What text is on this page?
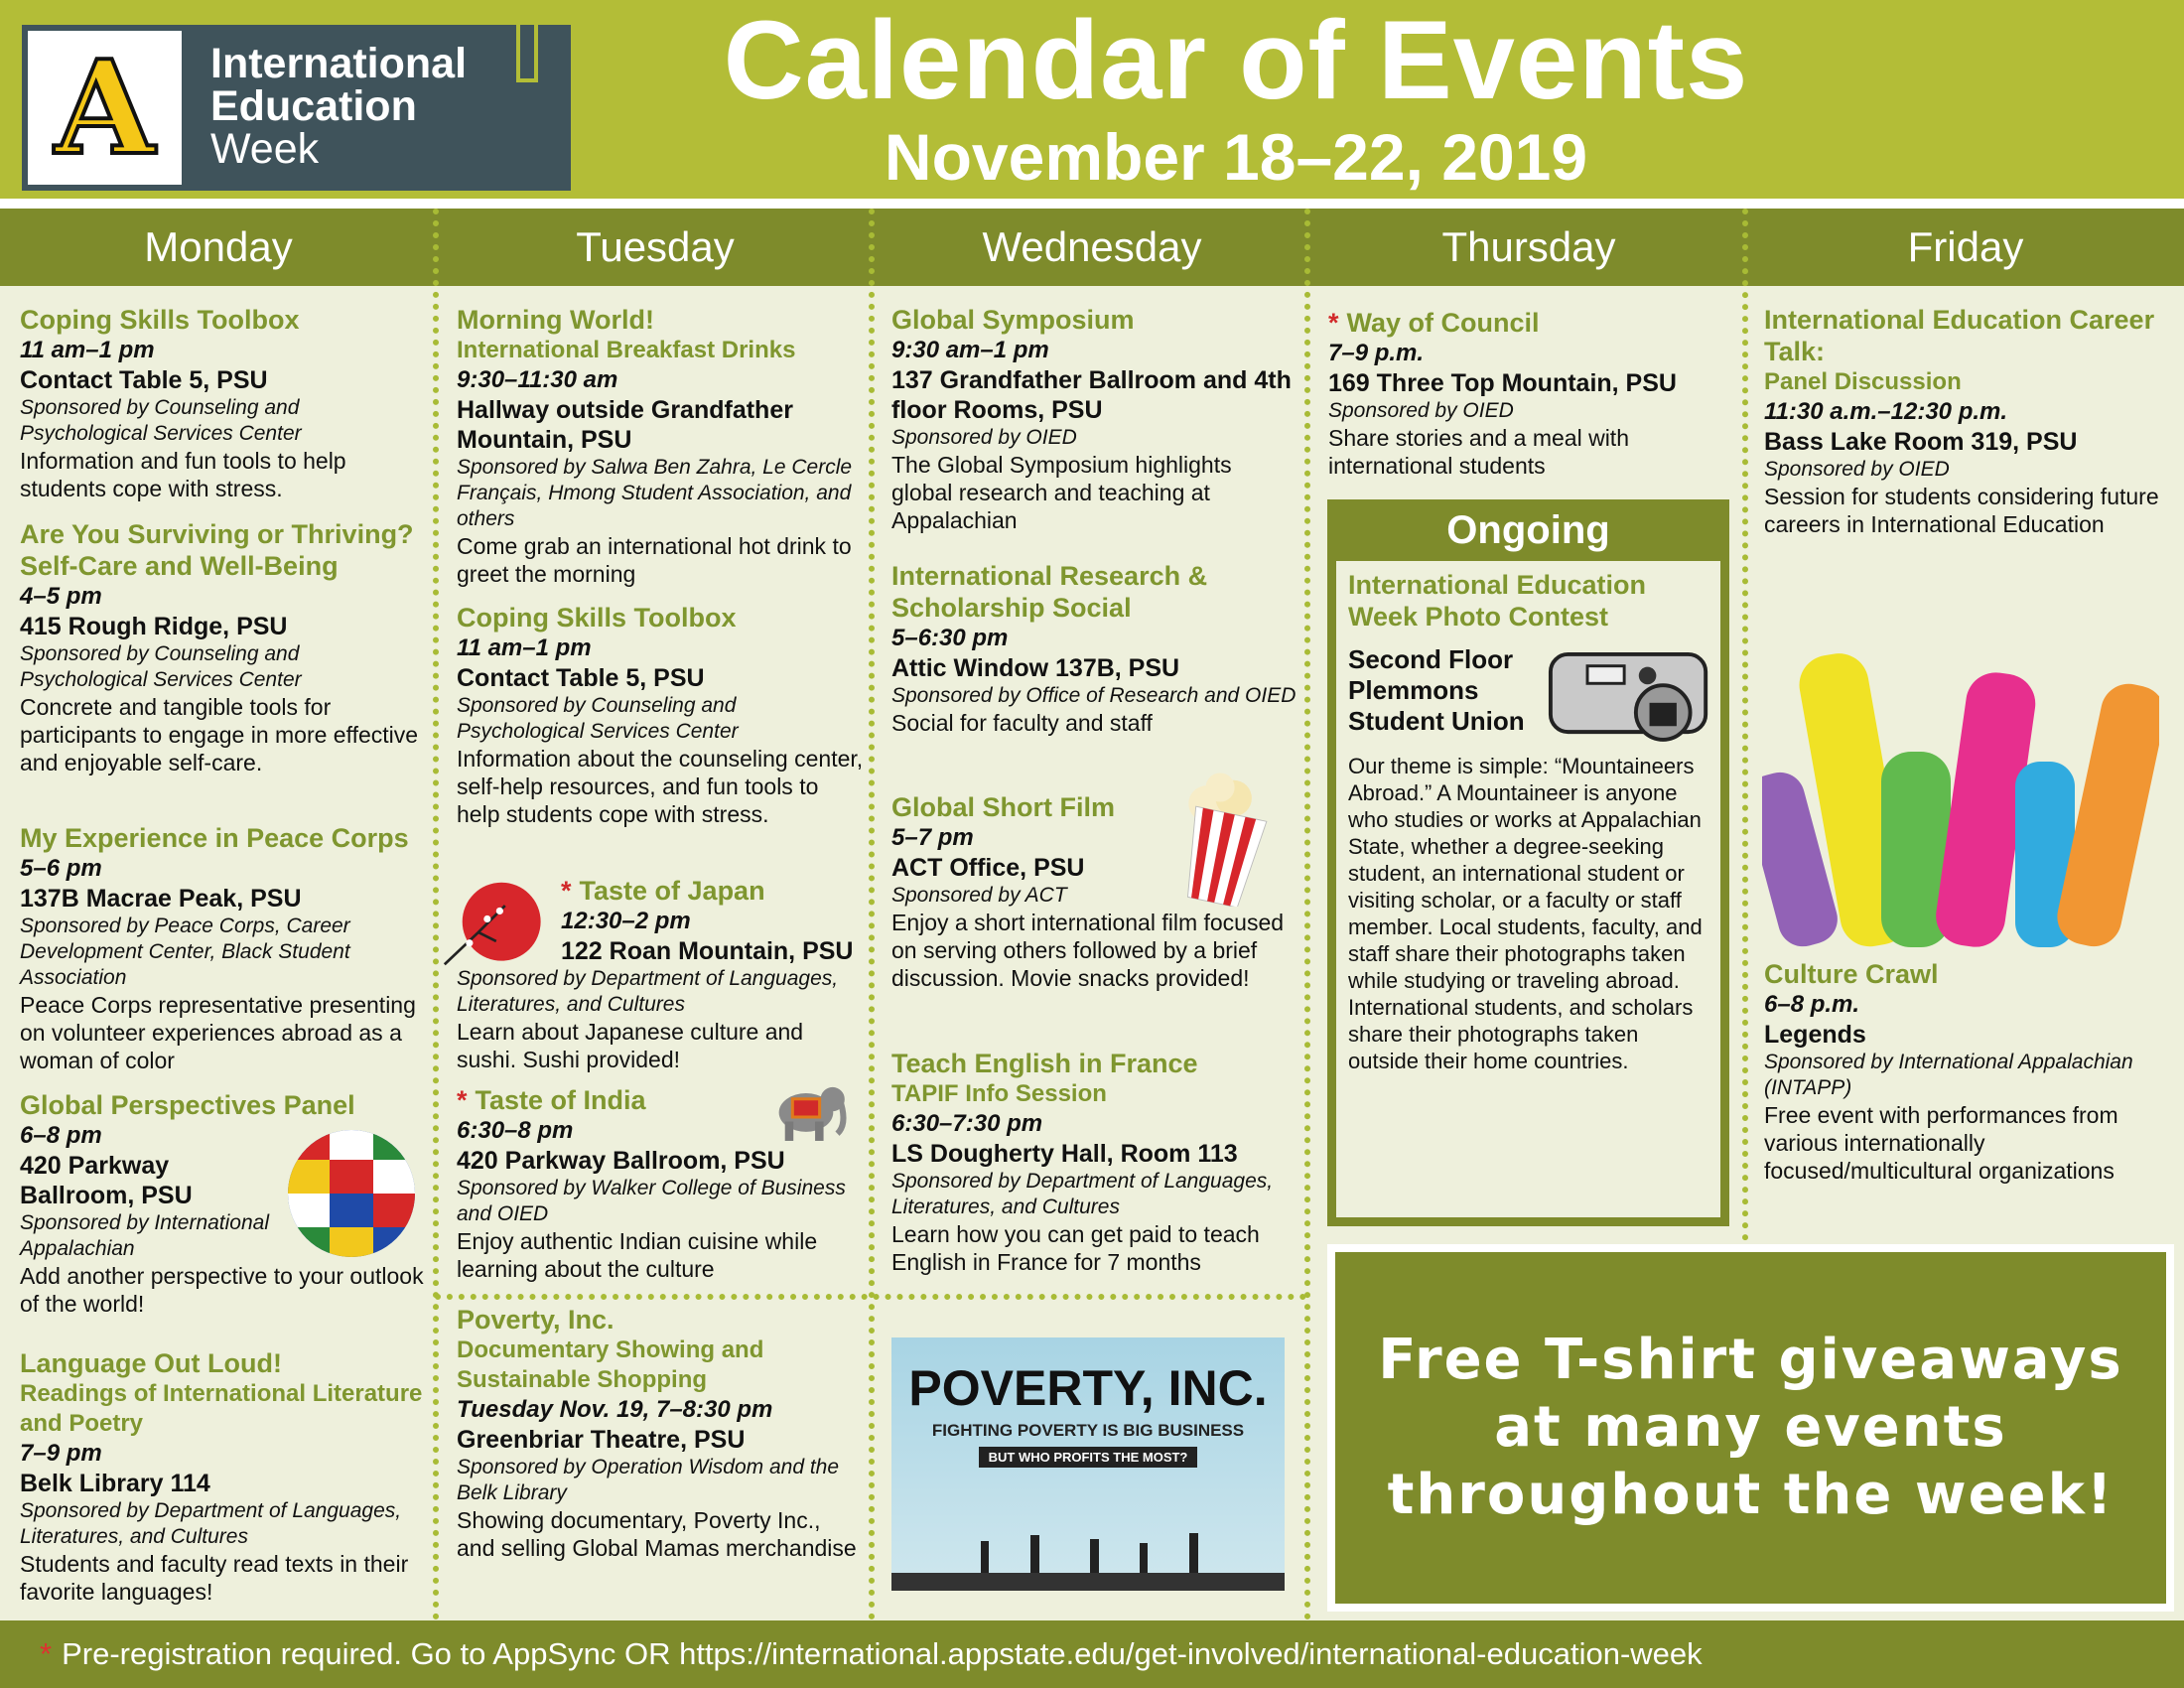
A	International
Education
Week
Calendar of Events
November 18–22, 2019
Monday	Tuesday	Wednesday	Thursday	Friday
Coping Skills Toolbox
11 am–1 pm
Contact Table 5, PSU
Sponsored by Counseling and Psychological Services Center
Information and fun tools to help students cope with stress.
Are You Surviving or Thriving? Self-Care and Well-Being
4–5 pm
415 Rough Ridge, PSU
Sponsored by Counseling and Psychological Services Center
Concrete and tangible tools for participants to engage in more effective and enjoyable self-care.
My Experience in Peace Corps
5–6 pm
137B Macrae Peak, PSU
Sponsored by Peace Corps, Career Development Center, Black Student Association
Peace Corps representative presenting on volunteer experiences abroad as a woman of color
Global Perspectives Panel
6–8 pm
420 Parkway Ballroom, PSU
Sponsored by International Appalachian
Add another perspective to your outlook of the world!
Language Out Loud!
Readings of International Literature and Poetry
7–9 pm
Belk Library 114
Sponsored by Department of Languages, Literatures, and Cultures
Students and faculty read texts in their favorite languages!
Morning World!
International Breakfast Drinks
9:30–11:30 am
Hallway outside Grandfather Mountain, PSU
Sponsored by Salwa Ben Zahra, Le Cercle Français, Hmong Student Association, and others
Come grab an international hot drink to greet the morning
Coping Skills Toolbox
11 am–1 pm
Contact Table 5, PSU
Sponsored by Counseling and Psychological Services Center
Information about the counseling center, self-help resources, and fun tools to help students cope with stress.
* Taste of Japan
12:30–2 pm
122 Roan Mountain, PSU
Sponsored by Department of Languages, Literatures, and Cultures
Learn about Japanese culture and sushi. Sushi provided!
* Taste of India
6:30–8 pm
420 Parkway Ballroom, PSU
Sponsored by Walker College of Business and OIED
Enjoy authentic Indian cuisine while learning about the culture
Poverty, Inc.
Documentary Showing and Sustainable Shopping
Tuesday Nov. 19, 7–8:30 pm
Greenbriar Theatre, PSU
Sponsored by Operation Wisdom and the Belk Library
Showing documentary, Poverty Inc., and selling Global Mamas merchandise
Global Symposium
9:30 am–1 pm
137 Grandfather Ballroom and 4th floor Rooms, PSU
Sponsored by OIED
The Global Symposium highlights global research and teaching at Appalachian
International Research & Scholarship Social
5–6:30 pm
Attic Window 137B, PSU
Sponsored by Office of Research and OIED
Social for faculty and staff
Global Short Film
5–7 pm
ACT Office, PSU
Sponsored by ACT
Enjoy a short international film focused on serving others followed by a brief discussion. Movie snacks provided!
Teach English in France
TAPIF Info Session
6:30–7:30 pm
LS Dougherty Hall, Room 113
Sponsored by Department of Languages, Literatures, and Cultures
Learn how you can get paid to teach English in France for 7 months
* Way of Council
7–9 p.m.
169 Three Top Mountain, PSU
Sponsored by OIED
Share stories and a meal with international students
International Education Career Talk:
Panel Discussion
11:30 a.m.–12:30 p.m.
Bass Lake Room 319, PSU
Sponsored by OIED
Session for students considering future careers in International Education
Culture Crawl
6–8 p.m.
Legends
Sponsored by International Appalachian (INTAPP)
Free event with performances from various internationally focused/multicultural organizations
POVERTY, INC.
FIGHTING POVERTY IS BIG BUSINESS
BUT WHO PROFITS THE MOST?
Ongoing
International Education Week Photo Contest
Second Floor Plemmons Student Union
Our theme is simple: “Mountaineers Abroad.” A Mountaineer is anyone who studies or works at Appalachian State, whether a degree-seeking student, an international student or visiting scholar, or a faculty or staff member. Local students, faculty, and staff share their photographs taken while studying or traveling abroad. International students, and scholars share their photographs taken outside their home countries.
Free T-shirt giveaways at many events throughout the week!
* Pre-registration required. Go to AppSync OR https://international.appstate.edu/get-involved/international-education-week
